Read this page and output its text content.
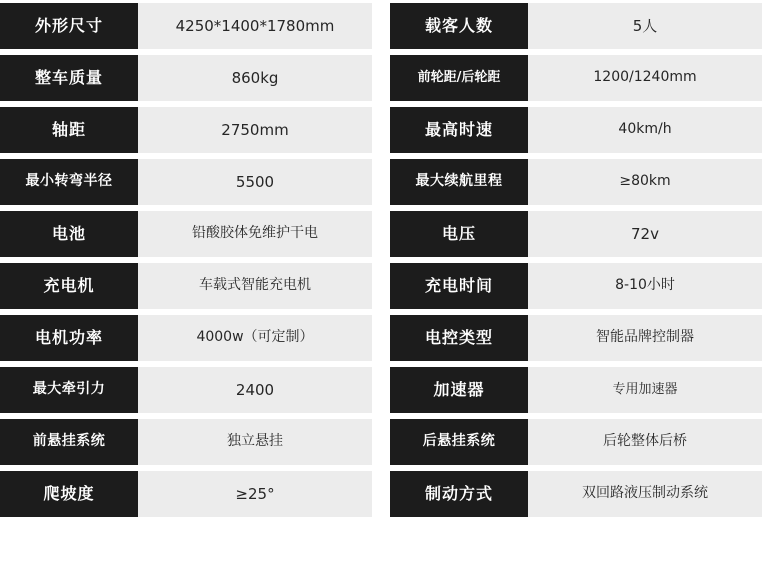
外形尺寸	4250*1400*1780mm	载客人数	5人
整车质量	860kg	前轮距/后轮距	1200/1240mm
轴距	2750mm	最高时速	40km/h
最小转弯半径	5500	最大续航里程	≥80km
电池	铅酸胶体免维护干电	电压	72v
充电机	车载式智能充电机	充电时间	8-10小时
电机功率	4000w（可定制）	电控类型	智能品牌控制器
最大牵引力	2400	加速器	专用加速器
前悬挂系统	独立悬挂	后悬挂系统	后轮整体后桥
爬坡度	≥25°	制动方式	双回路液压制动系统
